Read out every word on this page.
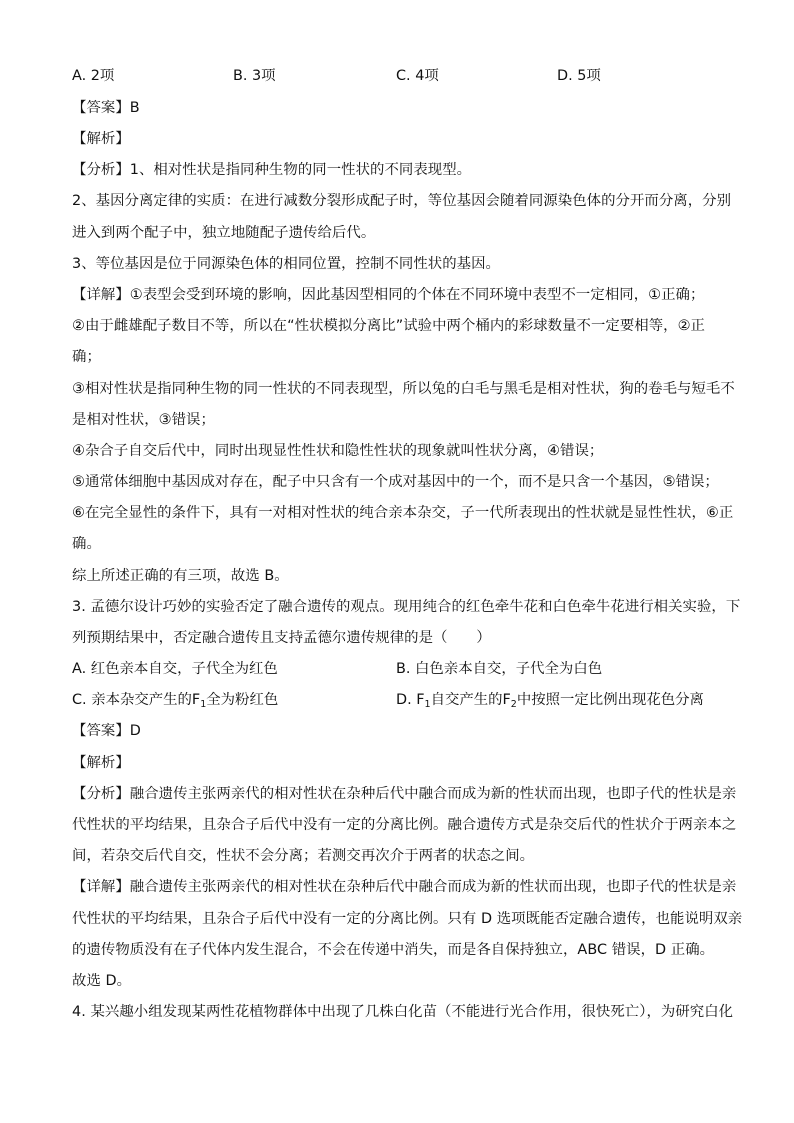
A. 2项	B. 3项	C. 4项	D. 5项
【答案】B
【解析】
【分析】1、相对性状是指同种生物的同一性状的不同表现型。
2、基因分离定律的实质：在进行减数分裂形成配子时，等位基因会随着同源染色体的分开而分离，分别
进入到两个配子中，独立地随配子遗传给后代。
3、等位基因是位于同源染色体的相同位置，控制不同性状的基因。
【详解】①表型会受到环境的影响，因此基因型相同的个体在不同环境中表型不一定相同，①正确；
②由于雌雄配子数目不等，所以在“性状模拟分离比”试验中两个桶内的彩球数量不一定要相等，②正
确；
③相对性状是指同种生物的同一性状的不同表现型，所以兔的白毛与黑毛是相对性状，狗的卷毛与短毛不
是相对性状，③错误；
④杂合子自交后代中，同时出现显性性状和隐性性状的现象就叫性状分离，④错误；
⑤通常体细胞中基因成对存在，配子中只含有一个成对基因中的一个，而不是只含一个基因，⑤错误；
⑥在完全显性的条件下，具有一对相对性状的纯合亲本杂交，子一代所表现出的性状就是显性性状，⑥正
确。
综上所述正确的有三项，故选 B。
3. 孟德尔设计巧妙的实验否定了融合遗传的观点。现用纯合的红色牵牛花和白色牵牛花进行相关实验，下
列预期结果中，否定融合遗传且支持孟德尔遗传规律的是（　　）
A. 红色亲本自交，子代全为红色	B. 白色亲本自交，子代全为白色
C. 亲本杂交产生的$F_1$全为粉红色	D. $F_1$自交产生的$F_2$中按照一定比例出现花色分离
【答案】D
【解析】
【分析】融合遗传主张两亲代的相对性状在杂种后代中融合而成为新的性状而出现，也即子代的性状是亲
代性状的平均结果，且杂合子后代中没有一定的分离比例。融合遗传方式是杂交后代的性状介于两亲本之
间，若杂交后代自交，性状不会分离；若测交再次介于两者的状态之间。
【详解】融合遗传主张两亲代的相对性状在杂种后代中融合而成为新的性状而出现，也即子代的性状是亲
代性状的平均结果，且杂合子后代中没有一定的分离比例。只有 D 选项既能否定融合遗传，也能说明双亲
的遗传物质没有在子代体内发生混合，不会在传递中消失，而是各自保持独立，ABC 错误，D 正确。
故选 D。
4. 某兴趣小组发现某两性花植物群体中出现了几株白化苗（不能进行光合作用，很快死亡），为研究白化
